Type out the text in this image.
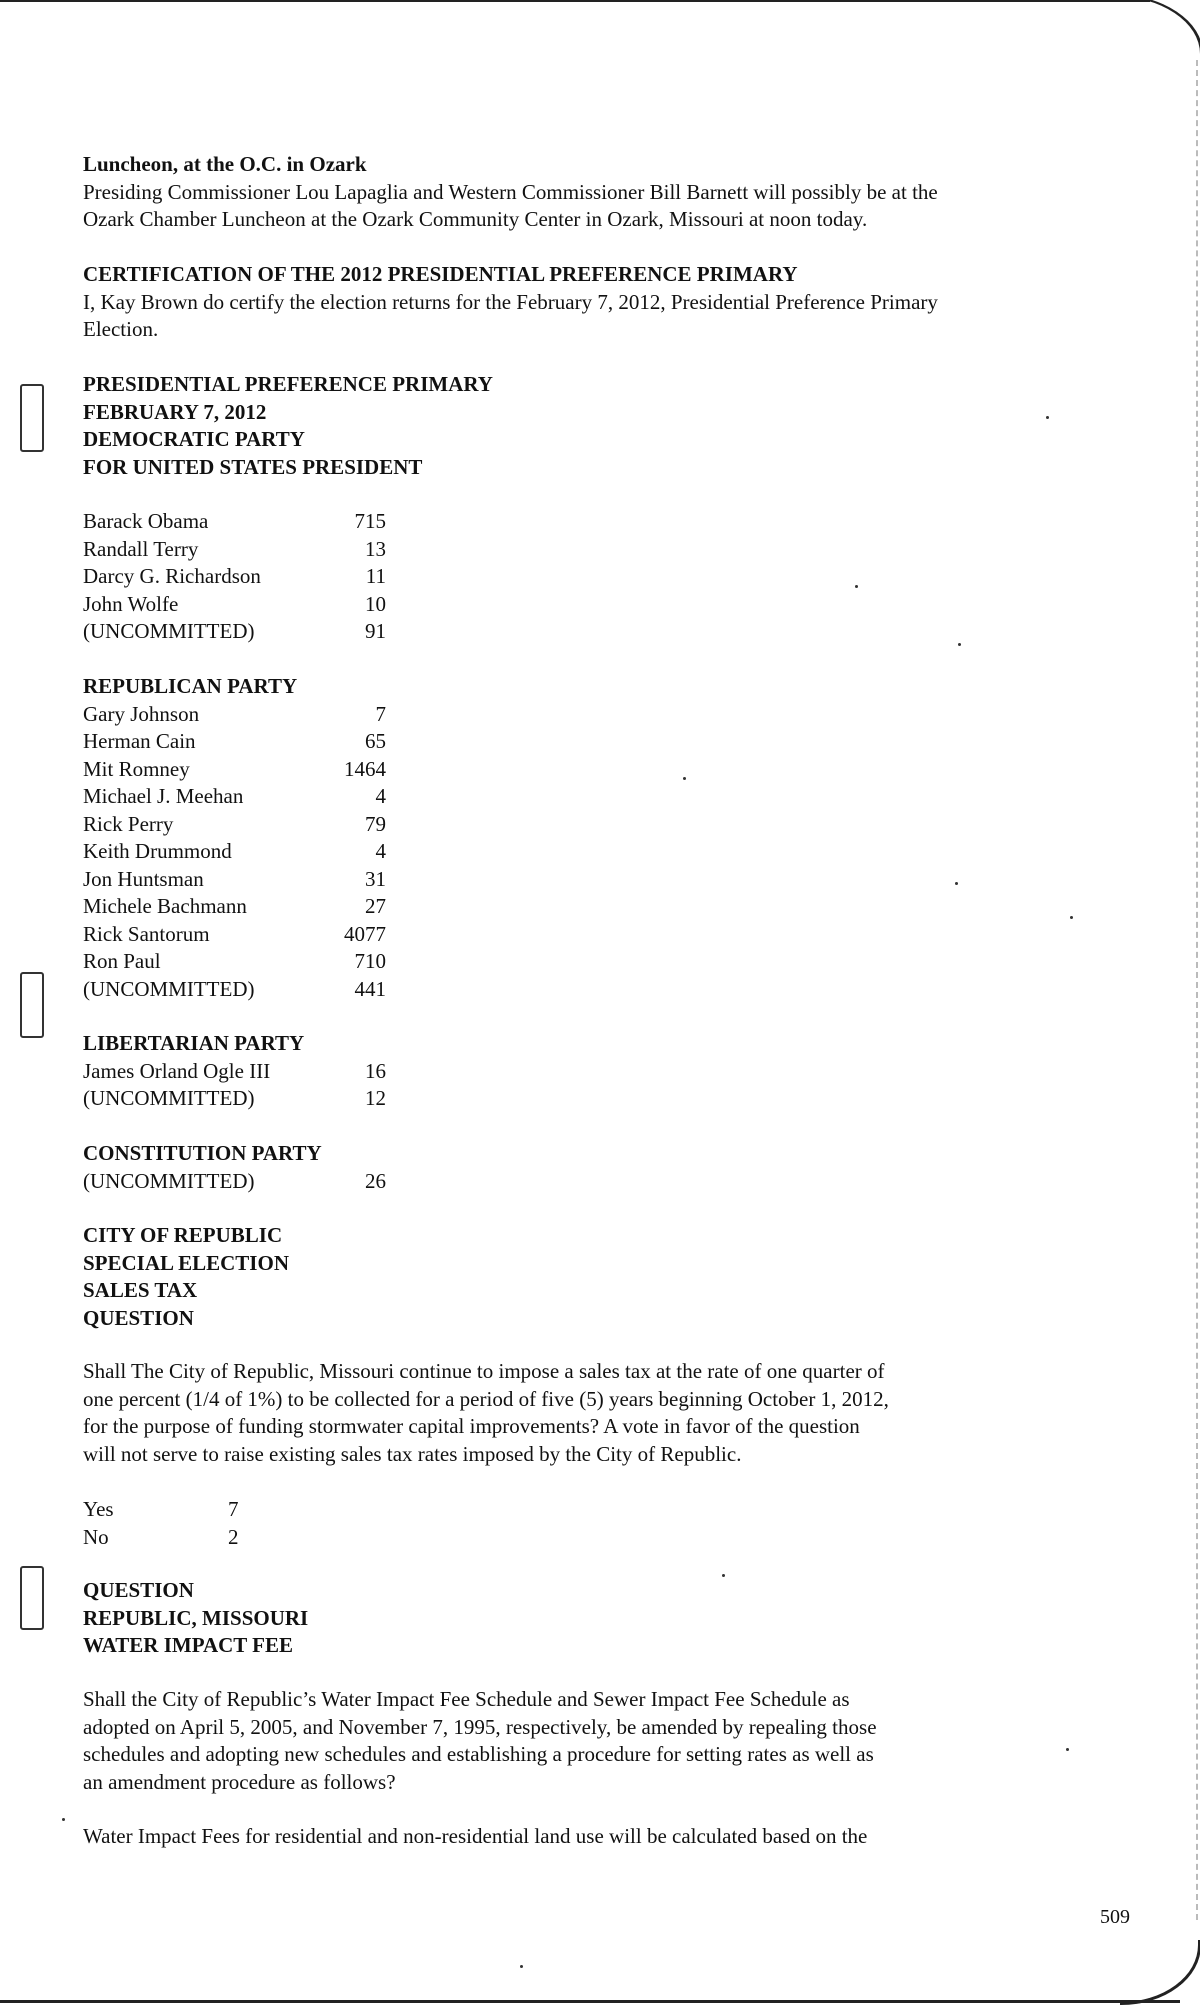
Luncheon, at the O.C. in Ozark
Presiding Commissioner Lou Lapaglia and Western Commissioner Bill Barnett will possibly be at the
Ozark Chamber Luncheon at the Ozark Community Center in Ozark, Missouri at noon today.
CERTIFICATION OF THE 2012 PRESIDENTIAL PREFERENCE PRIMARY
I, Kay Brown do certify the election returns for the February 7, 2012, Presidential Preference Primary
Election.
PRESIDENTIAL PREFERENCE PRIMARY
FEBRUARY 7, 2012
DEMOCRATIC PARTY
FOR UNITED STATES PRESIDENT
Barack Obama	715
Randall Terry	13
Darcy G. Richardson	11
John Wolfe	10
(UNCOMMITTED)	91
REPUBLICAN PARTY
Gary Johnson	7
Herman Cain	65
Mit Romney	1464
Michael J. Meehan	4
Rick Perry	79
Keith Drummond	4
Jon Huntsman	31
Michele Bachmann	27
Rick Santorum	4077
Ron Paul	710
(UNCOMMITTED)	441
LIBERTARIAN PARTY
James Orland Ogle III	16
(UNCOMMITTED)	12
CONSTITUTION PARTY
(UNCOMMITTED)	26
CITY OF REPUBLIC
SPECIAL ELECTION
SALES TAX
QUESTION
Shall The City of Republic, Missouri continue to impose a sales tax at the rate of one quarter of
one percent (1/4 of 1%) to be collected for a period of five (5) years beginning October 1, 2012,
for the purpose of funding stormwater capital improvements? A vote in favor of the question
will not serve to raise existing sales tax rates imposed by the City of Republic.
Yes	7
No	2
QUESTION
REPUBLIC, MISSOURI
WATER IMPACT FEE
Shall the City of Republic’s Water Impact Fee Schedule and Sewer Impact Fee Schedule as
adopted on April 5, 2005, and November 7, 1995, respectively, be amended by repealing those
schedules and adopting new schedules and establishing a procedure for setting rates as well as
an amendment procedure as follows?
Water Impact Fees for residential and non-residential land use will be calculated based on the
509
